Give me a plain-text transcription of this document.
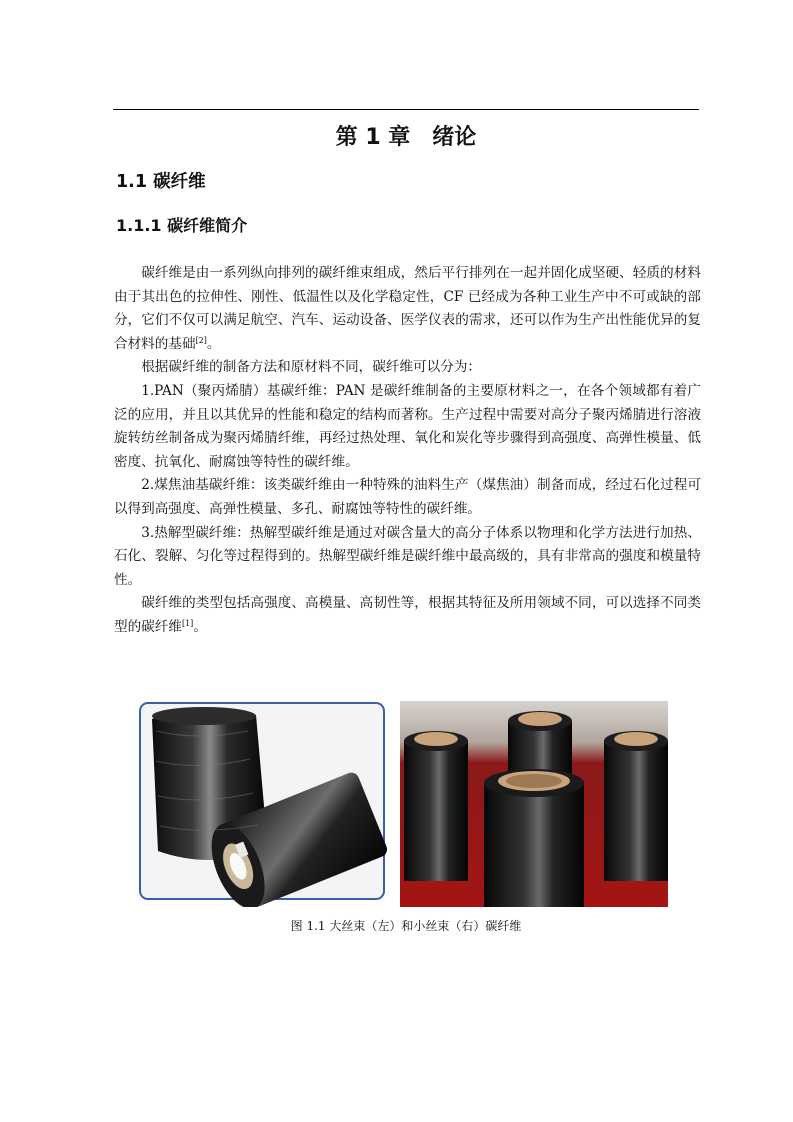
第 1 章　绪论
1.1 碳纤维
1.1.1 碳纤维简介

碳纤维是由一系列纵向排列的碳纤维束组成，然后平行排列在一起并固化成坚硬、轻质的材料由于其出色的拉伸性、刚性、低温性以及化学稳定性，CF 已经成为各种工业生产中不可或缺的部分，它们不仅可以满足航空、汽车、运动设备、医学仪表的需求，还可以作为生产出性能优异的复合材料的基础[2]。

根据碳纤维的制备方法和原材料不同，碳纤维可以分为：

1.PAN（聚丙烯腈）基碳纤维：PAN 是碳纤维制备的主要原材料之一，在各个领域都有着广泛的应用，并且以其优异的性能和稳定的结构而著称。生产过程中需要对高分子聚丙烯腈进行溶液旋转纺丝制备成为聚丙烯腈纤维，再经过热处理、氧化和炭化等步骤得到高强度、高弹性模量、低密度、抗氧化、耐腐蚀等特性的碳纤维。

2.煤焦油基碳纤维：该类碳纤维由一种特殊的油料生产（煤焦油）制备而成，经过石化过程可以得到高强度、高弹性模量、多孔、耐腐蚀等特性的碳纤维。

3.热解型碳纤维：热解型碳纤维是通过对碳含量大的高分子体系以物理和化学方法进行加热、石化、裂解、匀化等过程得到的。热解型碳纤维是碳纤维中最高级的，具有非常高的强度和模量特性。

碳纤维的类型包括高强度、高模量、高韧性等，根据其特征及所用领域不同，可以选择不同类型的碳纤维[1]。

图 1.1 大丝束（左）和小丝束（右）碳纤维
